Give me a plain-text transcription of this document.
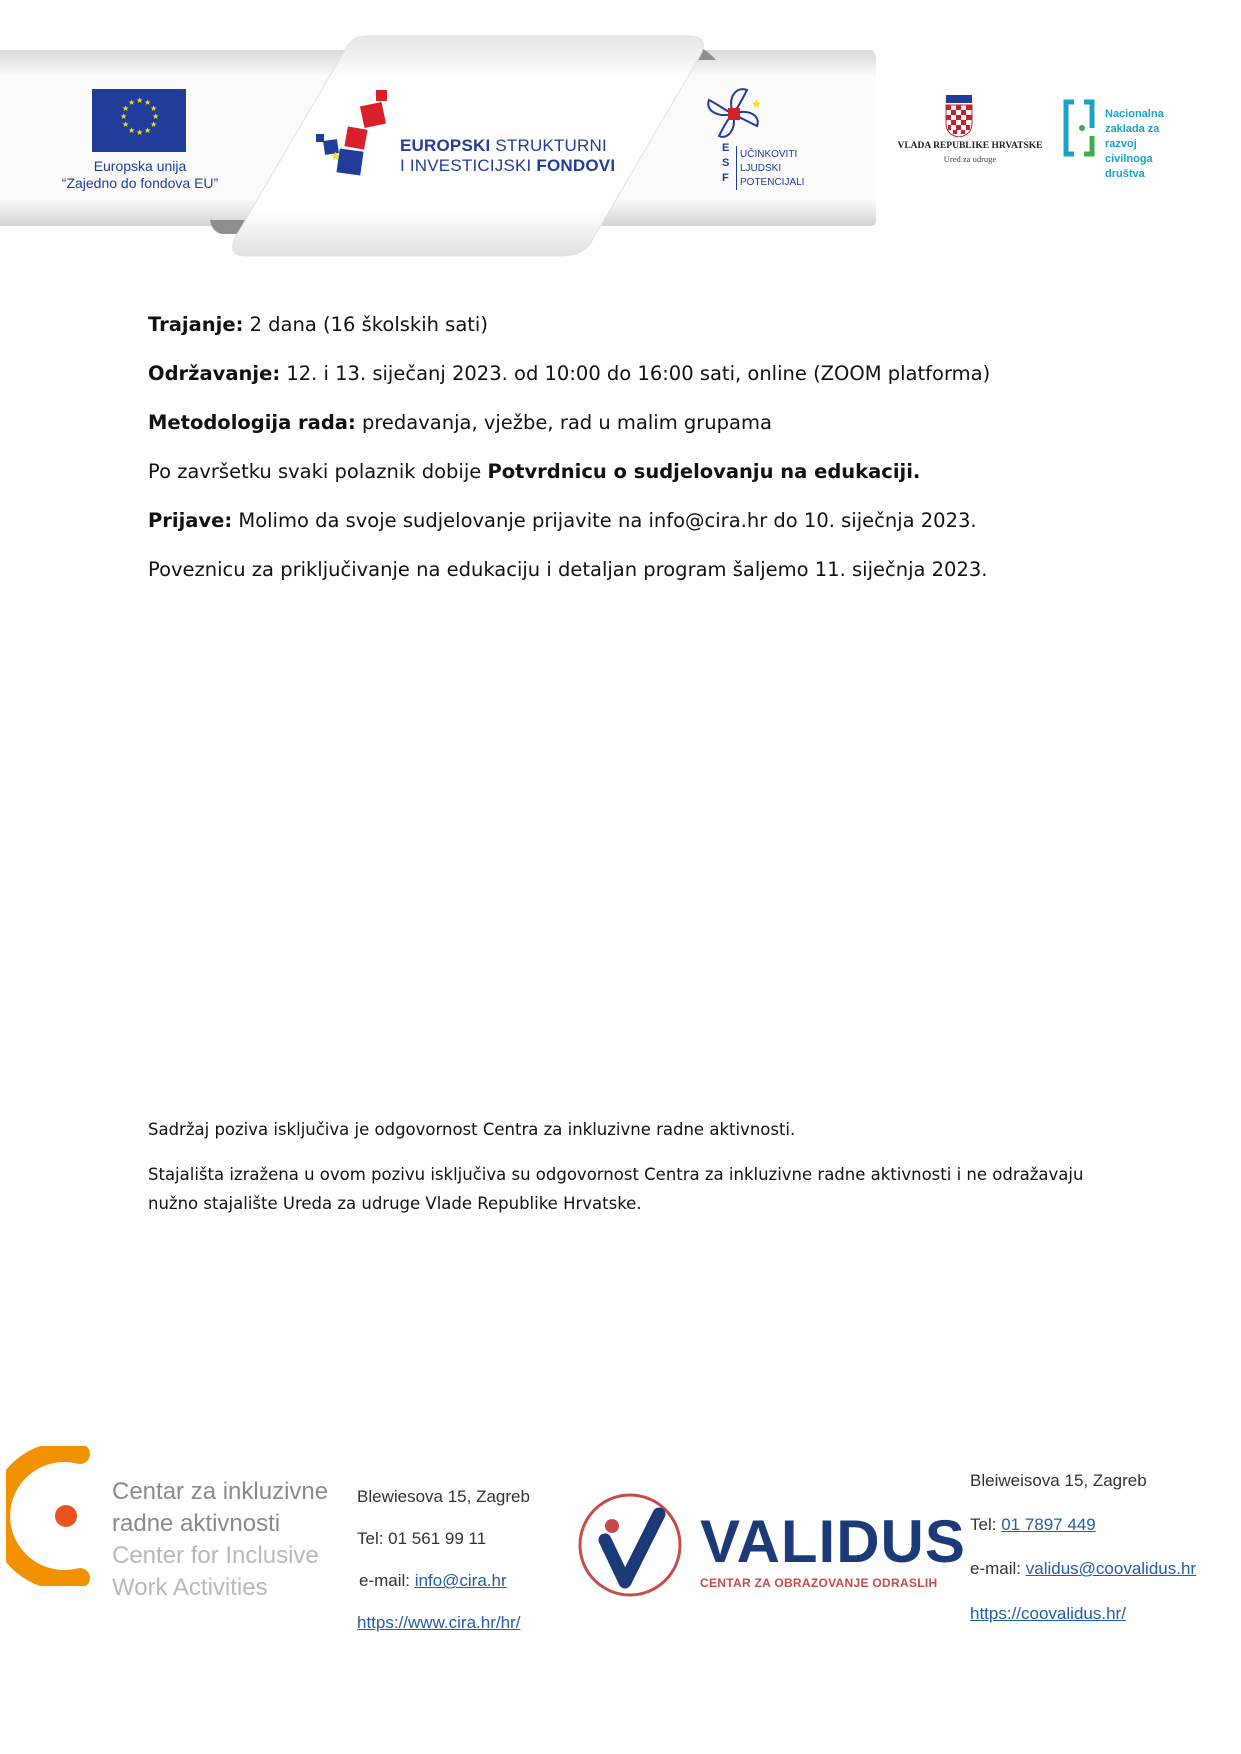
★ ★
★
★
★
★
★
★
★
★
★
★
Europska unija
“Zajedno do fondova EU”
★
EUROPSKI STRUKTURNI
I INVESTICIJSKI FONDOVI
★
E
S
F
UČINKOVITI
LJUDSKI
POTENCIJALI
VLADA REPUBLIKE HRVATSKE
Ured za udruge
Nacionalna
zaklada za
razvoj
civilnoga
društva
Trajanje: 2 dana (16 školskih sati)
Održavanje: 12. i 13. siječanj 2023. od 10:00 do 16:00 sati, online (ZOOM platforma)
Metodologija rada: predavanja, vježbe, rad u malim grupama
Po završetku svaki polaznik dobije Potvrdnicu o sudjelovanju na edukaciji.
Prijave: Molimo da svoje sudjelovanje prijavite na info@cira.hr do 10. siječnja 2023.
Poveznicu za priključivanje na edukaciju i detaljan program šaljemo 11. siječnja 2023.
Sadržaj poziva isključiva je odgovornost Centra za inkluzivne radne aktivnosti.
Stajališta izražena u ovom pozivu isključiva su odgovornost Centra za inkluzivne radne aktivnosti i ne odražavaju nužno stajalište Ureda za udruge Vlade Republike Hrvatske.
Centar za inkluzivne
radne aktivnosti
Center for Inclusive
Work Activities
Blewiesova 15, Zagreb
Tel: 01 561 99 11
e-mail: info@cira.hr
https://www.cira.hr/hr/
VALIDUS
CENTAR ZA OBRAZOVANJE ODRASLIH
Bleiweisova 15, Zagreb
Tel: 01 7897 449
e-mail: validus@coovalidus.hr
https://coovalidus.hr/
